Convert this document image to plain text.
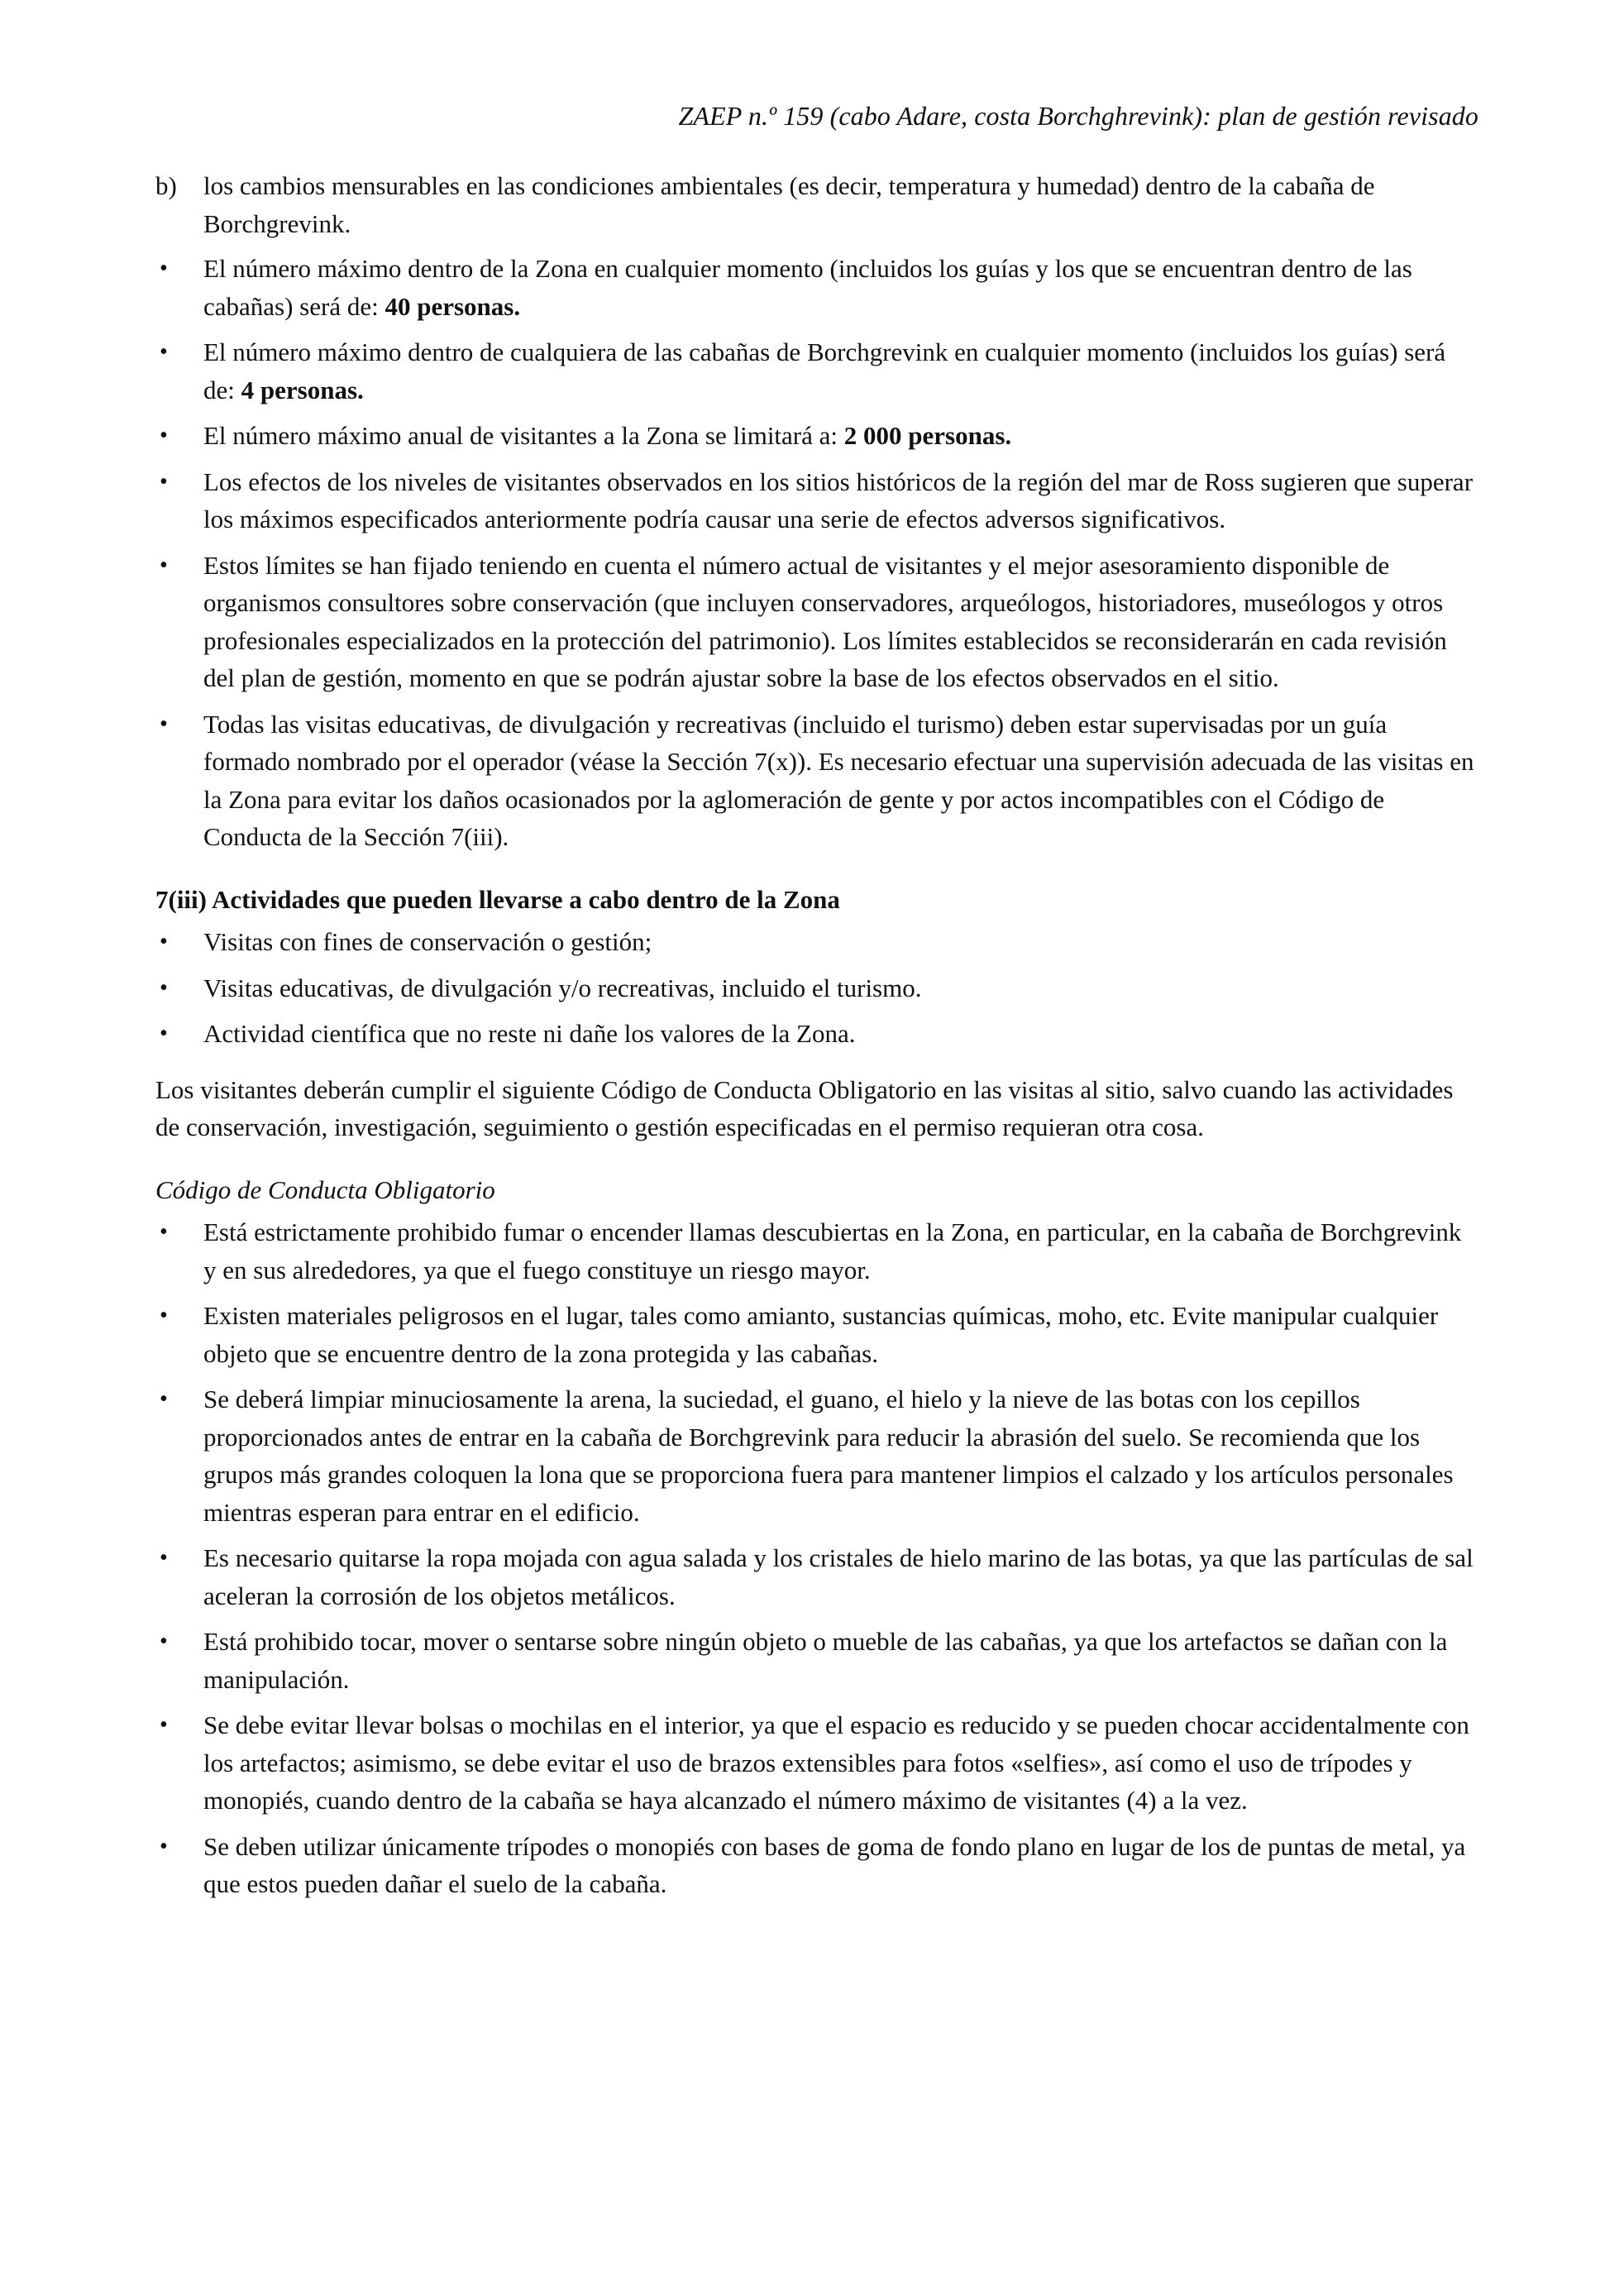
ZAEP n.º 159 (cabo Adare, costa Borchghrevink): plan de gestión revisado
b) los cambios mensurables en las condiciones ambientales (es decir, temperatura y humedad) dentro de la cabaña de Borchgrevink.
• El número máximo dentro de la Zona en cualquier momento (incluidos los guías y los que se encuentran dentro de las cabañas) será de: 40 personas.
• El número máximo dentro de cualquiera de las cabañas de Borchgrevink en cualquier momento (incluidos los guías) será de: 4 personas.
• El número máximo anual de visitantes a la Zona se limitará a: 2 000 personas.
• Los efectos de los niveles de visitantes observados en los sitios históricos de la región del mar de Ross sugieren que superar los máximos especificados anteriormente podría causar una serie de efectos adversos significativos.
• Estos límites se han fijado teniendo en cuenta el número actual de visitantes y el mejor asesoramiento disponible de organismos consultores sobre conservación (que incluyen conservadores, arqueólogos, historiadores, museólogos y otros profesionales especializados en la protección del patrimonio). Los límites establecidos se reconsiderarán en cada revisión del plan de gestión, momento en que se podrán ajustar sobre la base de los efectos observados en el sitio.
• Todas las visitas educativas, de divulgación y recreativas (incluido el turismo) deben estar supervisadas por un guía formado nombrado por el operador (véase la Sección 7(x)). Es necesario efectuar una supervisión adecuada de las visitas en la Zona para evitar los daños ocasionados por la aglomeración de gente y por actos incompatibles con el Código de Conducta de la Sección 7(iii).
7(iii) Actividades que pueden llevarse a cabo dentro de la Zona
• Visitas con fines de conservación o gestión;
• Visitas educativas, de divulgación y/o recreativas, incluido el turismo.
• Actividad científica que no reste ni dañe los valores de la Zona.

Los visitantes deberán cumplir el siguiente Código de Conducta Obligatorio en las visitas al sitio, salvo cuando las actividades de conservación, investigación, seguimiento o gestión especificadas en el permiso requieran otra cosa.

Código de Conducta Obligatorio
• Está estrictamente prohibido fumar o encender llamas descubiertas en la Zona, en particular, en la cabaña de Borchgrevink y en sus alrededores, ya que el fuego constituye un riesgo mayor.
• Existen materiales peligrosos en el lugar, tales como amianto, sustancias químicas, moho, etc. Evite manipular cualquier objeto que se encuentre dentro de la zona protegida y las cabañas.
• Se deberá limpiar minuciosamente la arena, la suciedad, el guano, el hielo y la nieve de las botas con los cepillos proporcionados antes de entrar en la cabaña de Borchgrevink para reducir la abrasión del suelo. Se recomienda que los grupos más grandes coloquen la lona que se proporciona fuera para mantener limpios el calzado y los artículos personales mientras esperan para entrar en el edificio.
• Es necesario quitarse la ropa mojada con agua salada y los cristales de hielo marino de las botas, ya que las partículas de sal aceleran la corrosión de los objetos metálicos.
• Está prohibido tocar, mover o sentarse sobre ningún objeto o mueble de las cabañas, ya que los artefactos se dañan con la manipulación.
• Se debe evitar llevar bolsas o mochilas en el interior, ya que el espacio es reducido y se pueden chocar accidentalmente con los artefactos; asimismo, se debe evitar el uso de brazos extensibles para fotos «selfies», así como el uso de trípodes y monopiés, cuando dentro de la cabaña se haya alcanzado el número máximo de visitantes (4) a la vez.
• Se deben utilizar únicamente trípodes o monopiés con bases de goma de fondo plano en lugar de los de puntas de metal, ya que estos pueden dañar el suelo de la cabaña.
